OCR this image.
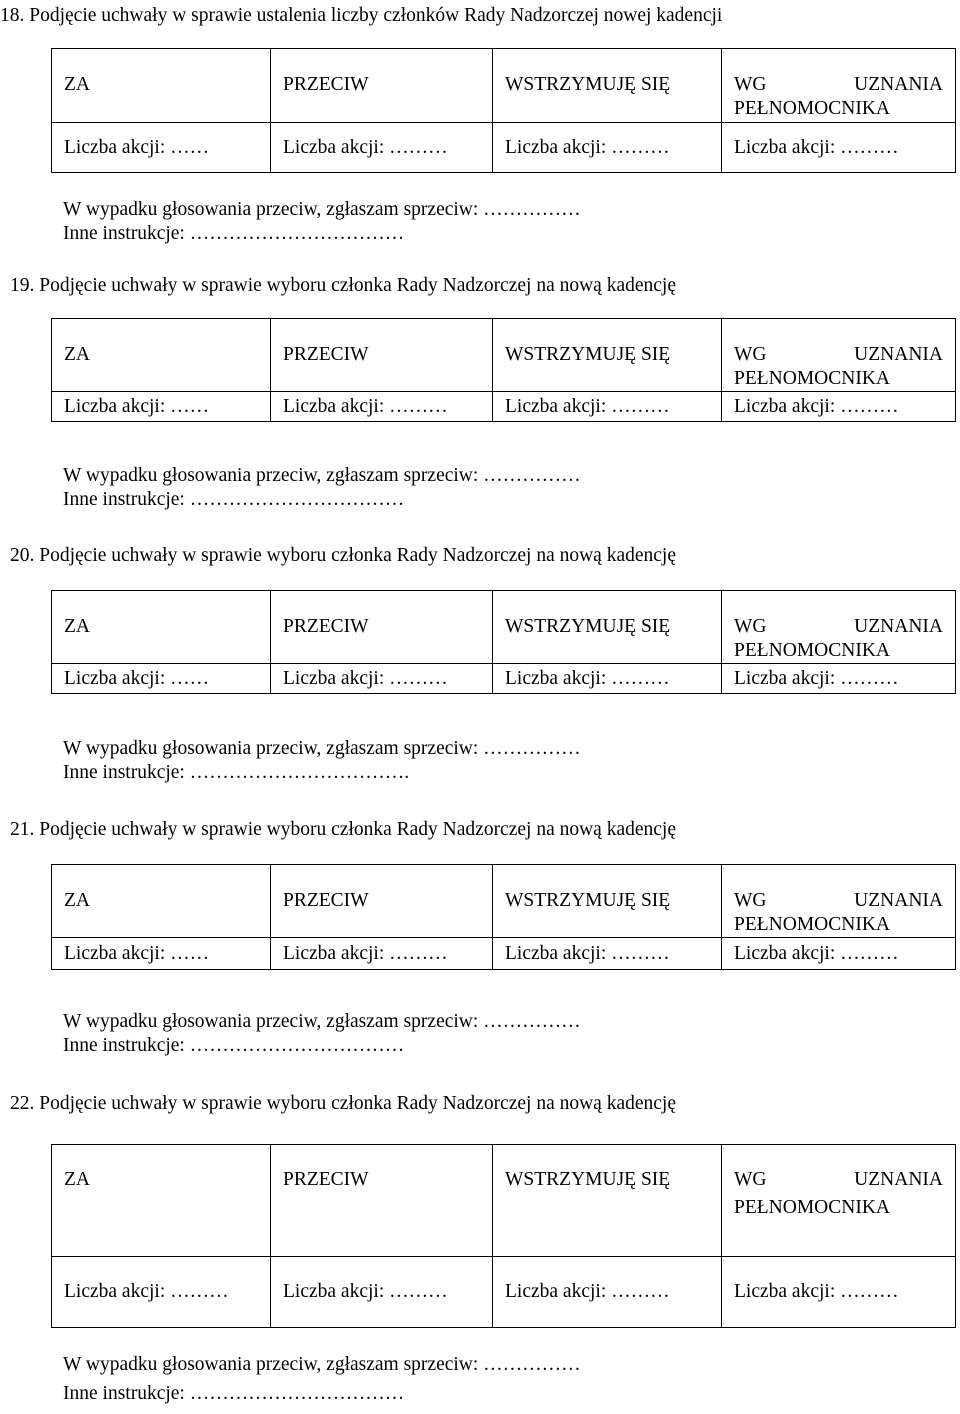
18. Podjęcie uchwały w sprawie ustalenia liczby członków Rady Nadzorczej nowej kadencji
ZA	PRZECIW	WSTRZYMUJĘ SIĘ	WG UZNANIA
PEŁNOMOCNIKA

Liczba akcji: ……	Liczba akcji: ………	Liczba akcji: ………	Liczba akcji: ………
W wypadku głosowania przeciw, zgłaszam sprzeciw: ……………
Inne instrukcje: ……………………………
19. Podjęcie uchwały w sprawie wyboru członka Rady Nadzorczej na nową kadencję
ZA	PRZECIW	WSTRZYMUJĘ SIĘ	WG UZNANIA
PEŁNOMOCNIKA

Liczba akcji: ……	Liczba akcji: ………	Liczba akcji: ………	Liczba akcji: ………
W wypadku głosowania przeciw, zgłaszam sprzeciw: ……………
Inne instrukcje: ……………………………
20. Podjęcie uchwały w sprawie wyboru członka Rady Nadzorczej na nową kadencję
ZA	PRZECIW	WSTRZYMUJĘ SIĘ	WG UZNANIA
PEŁNOMOCNIKA

Liczba akcji: ……	Liczba akcji: ………	Liczba akcji: ………	Liczba akcji: ………
W wypadku głosowania przeciw, zgłaszam sprzeciw: ……………
Inne instrukcje: …………………………….
21. Podjęcie uchwały w sprawie wyboru członka Rady Nadzorczej na nową kadencję
ZA	PRZECIW	WSTRZYMUJĘ SIĘ	WG UZNANIA
PEŁNOMOCNIKA

Liczba akcji: ……	Liczba akcji: ………	Liczba akcji: ………	Liczba akcji: ………
W wypadku głosowania przeciw, zgłaszam sprzeciw: ……………
Inne instrukcje: ……………………………
22. Podjęcie uchwały w sprawie wyboru członka Rady Nadzorczej na nową kadencję
ZA	PRZECIW	WSTRZYMUJĘ SIĘ	WG UZNANIA
PEŁNOMOCNIKA

Liczba akcji: ………	Liczba akcji: ………	Liczba akcji: ………	Liczba akcji: ………
W wypadku głosowania przeciw, zgłaszam sprzeciw: ……………
Inne instrukcje: ……………………………
